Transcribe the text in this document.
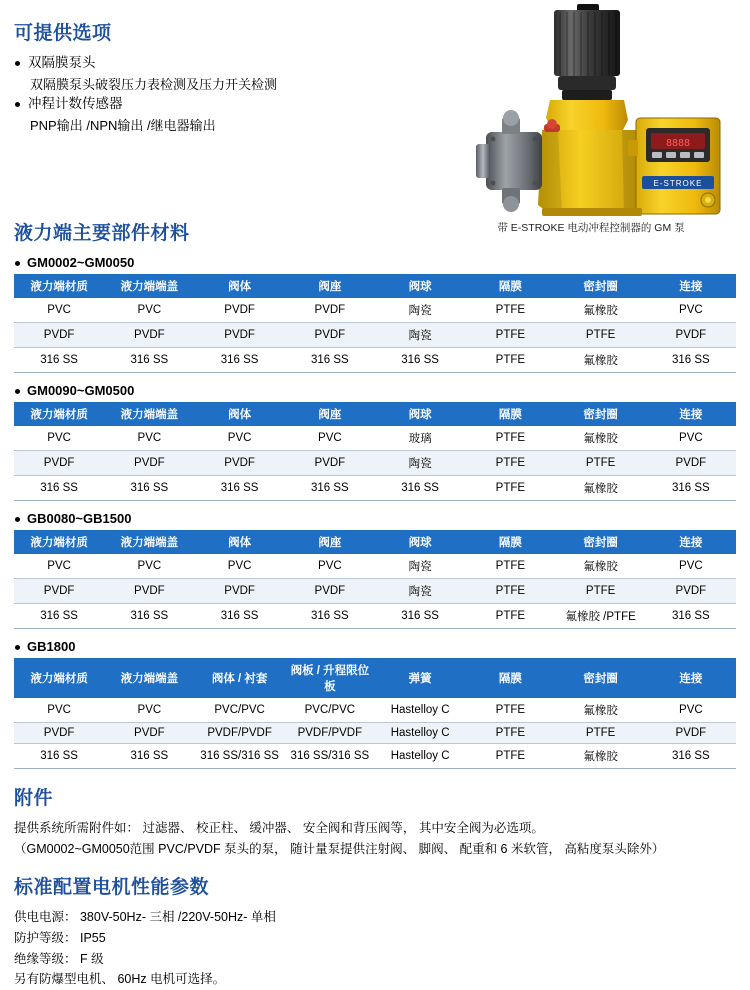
8888
E-STROKE
带 E-STROKE 电动冲程控制器的 GM 泵
可提供选项
双隔膜泵头
双隔膜泵头破裂压力表检测及压力开关检测
冲程计数传感器
PNP输出 /NPN输出 /继电器输出
液力端主要部件材料
GM0002~GM0050
液力端材质	液力端端盖	阀体	阀座	阀球	隔膜	密封圈	连接
PVC	PVC	PVDF	PVDF	陶瓷	PTFE	氟橡胶	PVC
PVDF	PVDF	PVDF	PVDF	陶瓷	PTFE	PTFE	PVDF
316 SS	316 SS	316 SS	316 SS	316 SS	PTFE	氟橡胶	316 SS
GM0090~GM0500
液力端材质	液力端端盖	阀体	阀座	阀球	隔膜	密封圈	连接
PVC	PVC	PVC	PVC	玻璃	PTFE	氟橡胶	PVC
PVDF	PVDF	PVDF	PVDF	陶瓷	PTFE	PTFE	PVDF
316 SS	316 SS	316 SS	316 SS	316 SS	PTFE	氟橡胶	316 SS
GB0080~GB1500
液力端材质	液力端端盖	阀体	阀座	阀球	隔膜	密封圈	连接
PVC	PVC	PVC	PVC	陶瓷	PTFE	氟橡胶	PVC
PVDF	PVDF	PVDF	PVDF	陶瓷	PTFE	PTFE	PVDF
316 SS	316 SS	316 SS	316 SS	316 SS	PTFE	氟橡胶 /PTFE	316 SS
GB1800
液力端材质	液力端端盖	阀体 / 衬套	阀板 / 升程限位板	弹簧	隔膜	密封圈	连接
PVC	PVC	PVC/PVC	PVC/PVC	Hastelloy C	PTFE	氟橡胶	PVC
PVDF	PVDF	PVDF/PVDF	PVDF/PVDF	Hastelloy C	PTFE	PTFE	PVDF
316 SS	316 SS	316 SS/316 SS	316 SS/316 SS	Hastelloy C	PTFE	氟橡胶	316 SS
附件
提供系统所需附件如： 过滤器、 校正柱、 缓冲器、 安全阀和背压阀等， 其中安全阀为必选项。
（GM0002~GM0050范围 PVC/PVDF 泵头的泵， 随计量泵提供注射阀、 脚阀、 配重和 6 米软管， 高粘度泵头除外）
标准配置电机性能参数
供电电源： 380V-50Hz- 三相 /220V-50Hz- 单相
防护等级： IP55
绝缘等级： F 级
另有防爆型电机、 60Hz 电机可选择。
